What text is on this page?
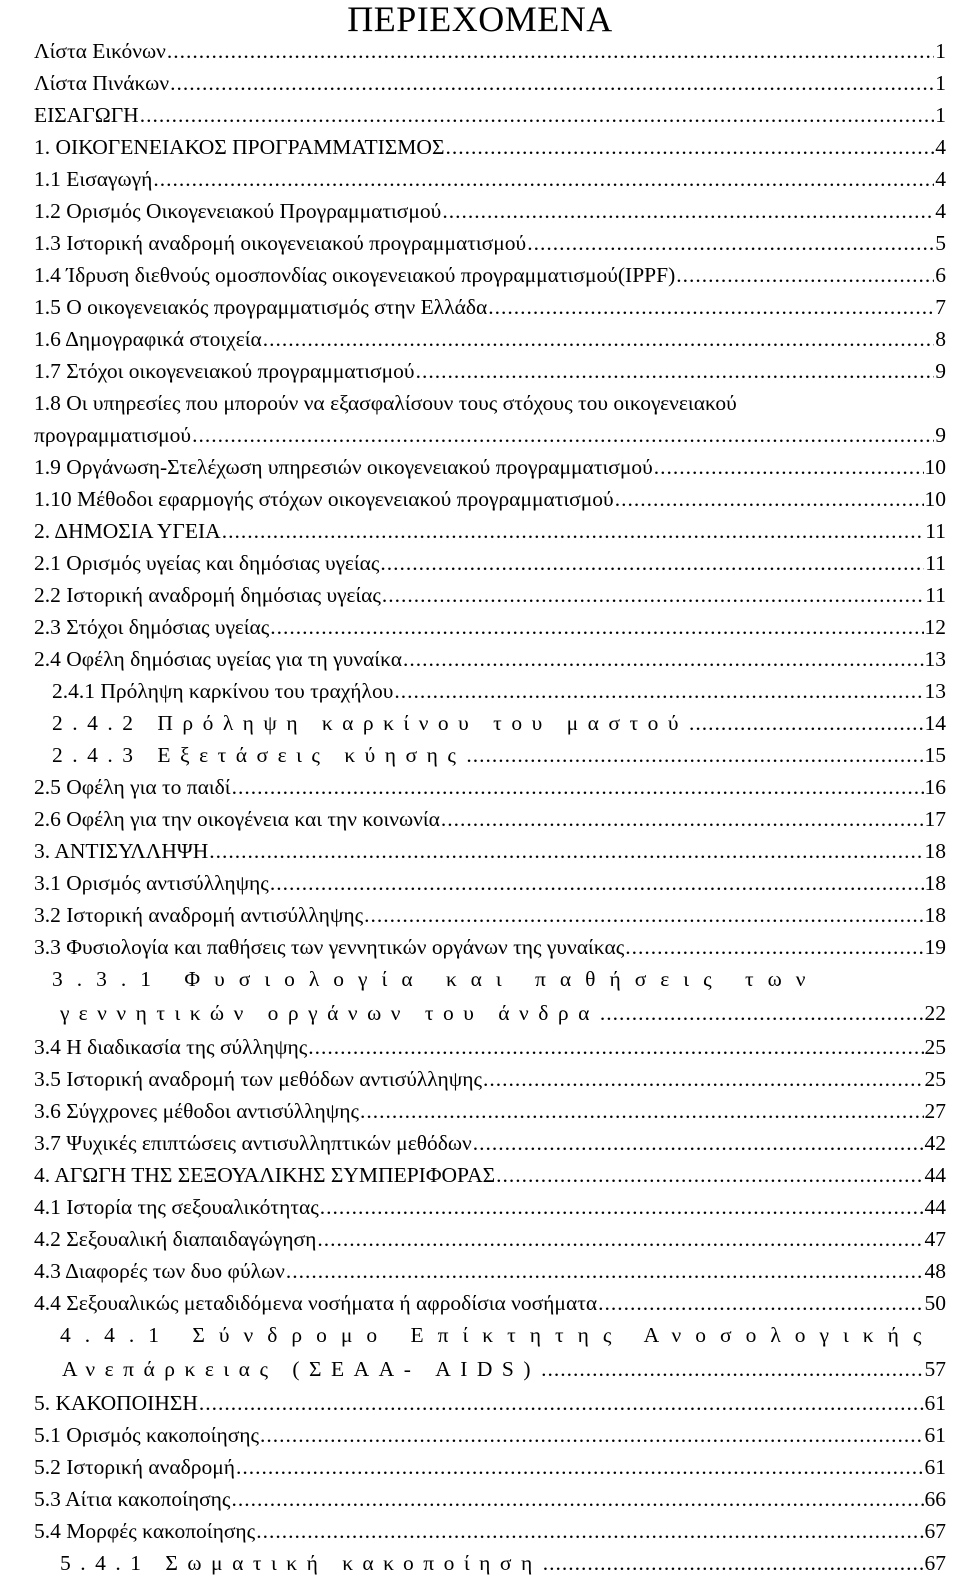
ΠΕΡΙΕΧΟΜΕΝΑ
Λίστα Εικόνων .....	1
Λίστα Πινάκων .....	1
ΕΙΣΑΓΩΓΗ .....	1
1. ΟΙΚΟΓΕΝΕΙΑΚΟΣ ΠΡΟΓΡΑΜΜΑΤΙΣΜΟΣ .....	4
1.1 Εισαγωγή .....	4
1.2 Ορισμός Οικογενειακού Προγραμματισμού .....	4
1.3 Ιστορική αναδρομή οικογενειακού προγραμματισμού .....	5
1.4 Ίδρυση διεθνούς ομοσπονδίας οικογενειακού προγραμματισμού(IPPF) .....	6
1.5 Ο οικογενειακός προγραμματισμός στην Ελλάδα .....	7
1.6 Δημογραφικά στοιχεία .....	8
1.7 Στόχοι οικογενειακού προγραμματισμού .....	9
1.8 Οι υπηρεσίες που μπορούν να εξασφαλίσουν τους στόχους του οικογενειακού
προγραμματισμού .....	9
1.9 Οργάνωση-Στελέχωση υπηρεσιών οικογενειακού προγραμματισμού .....	10
1.10 Μέθοδοι εφαρμογής στόχων οικογενειακού προγραμματισμού .....	10
2. ΔΗΜΟΣΙΑ ΥΓΕΙΑ .....	11
2.1 Ορισμός υγείας και δημόσιας υγείας .....	11
2.2 Ιστορική αναδρομή δημόσιας υγείας .....	11
2.3 Στόχοι δημόσιας υγείας .....	12
2.4 Οφέλη δημόσιας υγείας για τη γυναίκα .....	13
2.4.1 Πρόληψη καρκίνου του τραχήλου .....	13
2.4.2 Πρόληψη καρκίνου του μαστού .....	14
2.4.3 Εξετάσεις κύησης .....	15
2.5 Οφέλη για το παιδί .....	16
2.6 Οφέλη για την οικογένεια και την κοινωνία .....	17
3. ΑΝΤΙΣΥΛΛΗΨΗ .....	18
3.1 Ορισμός αντισύλληψης .....	18
3.2 Ιστορική αναδρομή αντισύλληψης .....	18
3.3 Φυσιολογία και παθήσεις των γεννητικών οργάνων της γυναίκας .....	19
3.3.1 Φυσιολογία και παθήσεις των
γεννητικών οργάνων του άνδρα .....	22
3.4 Η διαδικασία της σύλληψης .....	25
3.5 Ιστορική αναδρομή των μεθόδων αντισύλληψης .....	25
3.6 Σύγχρονες μέθοδοι αντισύλληψης .....	27
3.7 Ψυχικές επιπτώσεις αντισυλληπτικών μεθόδων .....	42
4. ΑΓΩΓΗ ΤΗΣ ΣΕΞΟΥΑΛΙΚΗΣ ΣΥΜΠΕΡΙΦΟΡΑΣ .....	44
4.1 Ιστορία της σεξουαλικότητας .....	44
4.2 Σεξουαλική διαπαιδαγώγηση .....	47
4.3 Διαφορές των δυο φύλων .....	48
4.4 Σεξουαλικώς μεταδιδόμενα νοσήματα ή αφροδίσια νοσήματα .....	50
4.4.1 Σύνδρομο Επίκτητης Ανοσολογικής
Ανεπάρκειας (ΣΕΑΑ- AIDS) .....	57
5. ΚΑΚΟΠΟΙΗΣΗ .....	61
5.1 Ορισμός κακοποίησης .....	61
5.2 Ιστορική αναδρομή .....	61
5.3 Αίτια κακοποίησης .....	66
5.4 Μορφές κακοποίησης .....	67
5.4.1 Σωματική κακοποίηση .....	67
